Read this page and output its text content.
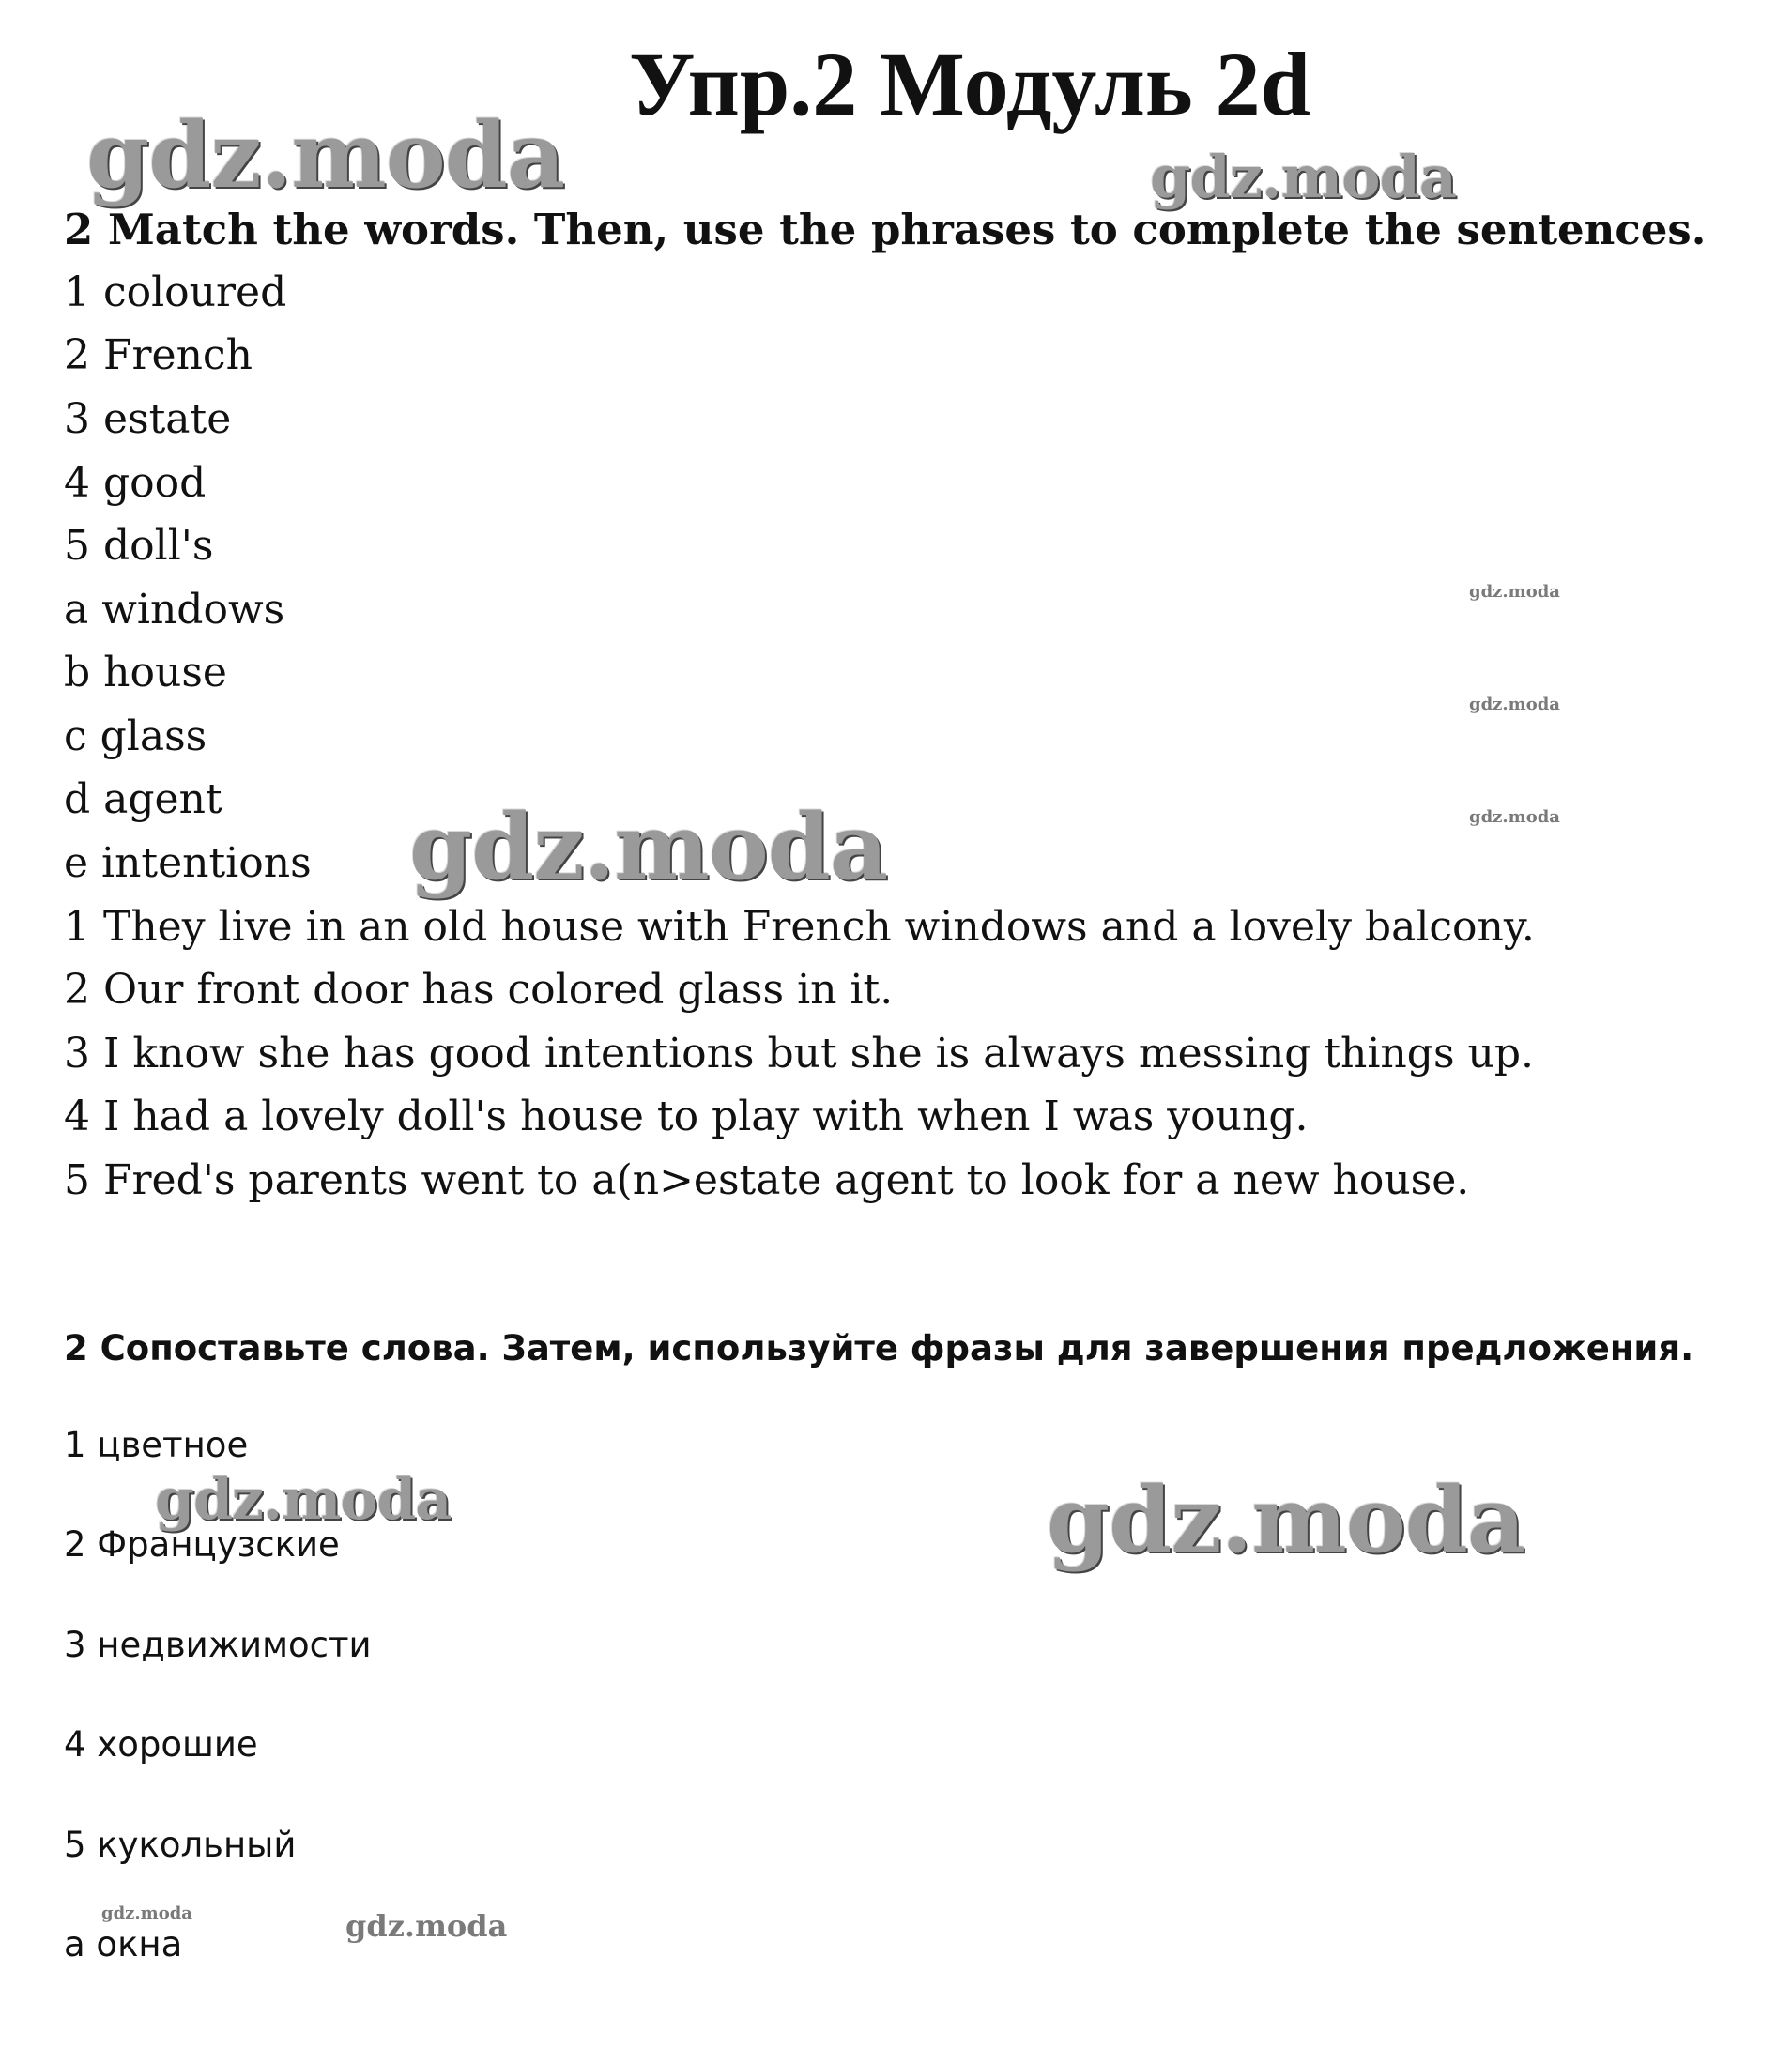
Упр.2 Модуль 2d
2 Match the words. Then, use the phrases to complete the sentences.
1 coloured
2 French
3 estate
4 good
5 doll's
a windows
b house
c glass
d agent
e intentions
1 They live in an old house with French windows and a lovely balcony.
2 Our front door has colored glass in it.
3 I know she has good intentions but she is always messing things up.
4 I had a lovely doll's house to play with when I was young.
5 Fred's parents went to a(n>estate agent to look for a new house.
2 Сопоставьте слова. Затем, используйте фразы для завершения предложения.
1 цветное
2 Французские
3 недвижимости
4 хорошие
5 кукольный
а окна
gdz.moda	gdz.moda
gdz.moda
gdz.moda
gdz.moda
gdz.moda
gdz.moda	gdz.moda
gdz.moda	gdz.moda
